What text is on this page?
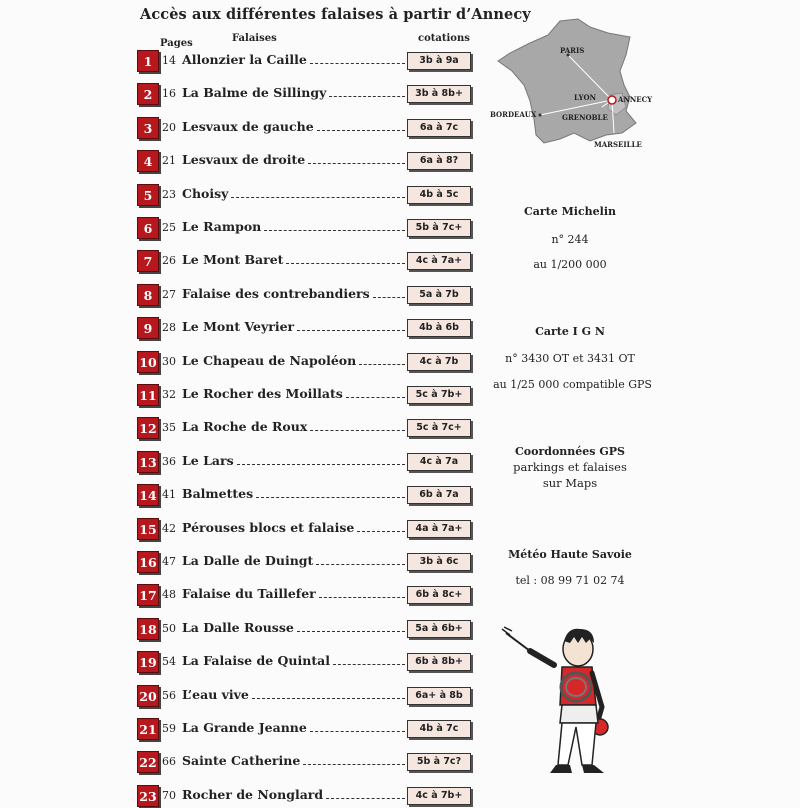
Accès aux différentes falaises à partir d’Annecy
Pages	Falaises	cotations
1 14 Allonzier la Caille	3b à 9a
2 16 La Balme de Sillingy	3b à 8b+
3 20 Lesvaux de gauche	6a à 7c
4 21 Lesvaux de droite	6a à 8?
5 23 Choisy	4b à 5c
6 25 Le Rampon	5b à 7c+
7 26 Le Mont Baret	4c à 7a+
8 27 Falaise des contrebandiers	5a à 7b
9 28 Le Mont Veyrier	4b à 6b
10 30 Le Chapeau de Napoléon	4c à 7b
11 32 Le Rocher des Moillats	5c à 7b+
12 35 La Roche de Roux	5c à 7c+
13 36 Le Lars	4c à 7a
14 41 Balmettes	6b à 7a
15 42 Pérouses blocs et falaise	4a à 7a+
16 47 La Dalle de Duingt	3b à 6c
17 48 Falaise du Taillefer	6b à 8c+
18 50 La Dalle Rousse	5a à 6b+
19 54 La Falaise de Quintal	6b à 8b+
20 56 L’eau vive	6a+ à 8b
21 59 La Grande Jeanne	4b à 7c
22 66 Sainte Catherine	5b à 7c?
23 70 Rocher de Nonglard	4c à 7b+
PARIS
LYON	ANNECY
BORDEAUX	GRENOBLE
MARSEILLE
Carte Michelin
n° 244
au 1/200 000
Carte I G N
n° 3430 OT et 3431 OT
au 1/25 000 compatible GPS
Coordonnées GPS
parkings et falaises
sur Maps
Météo Haute Savoie
tel : 08 99 71 02 74
